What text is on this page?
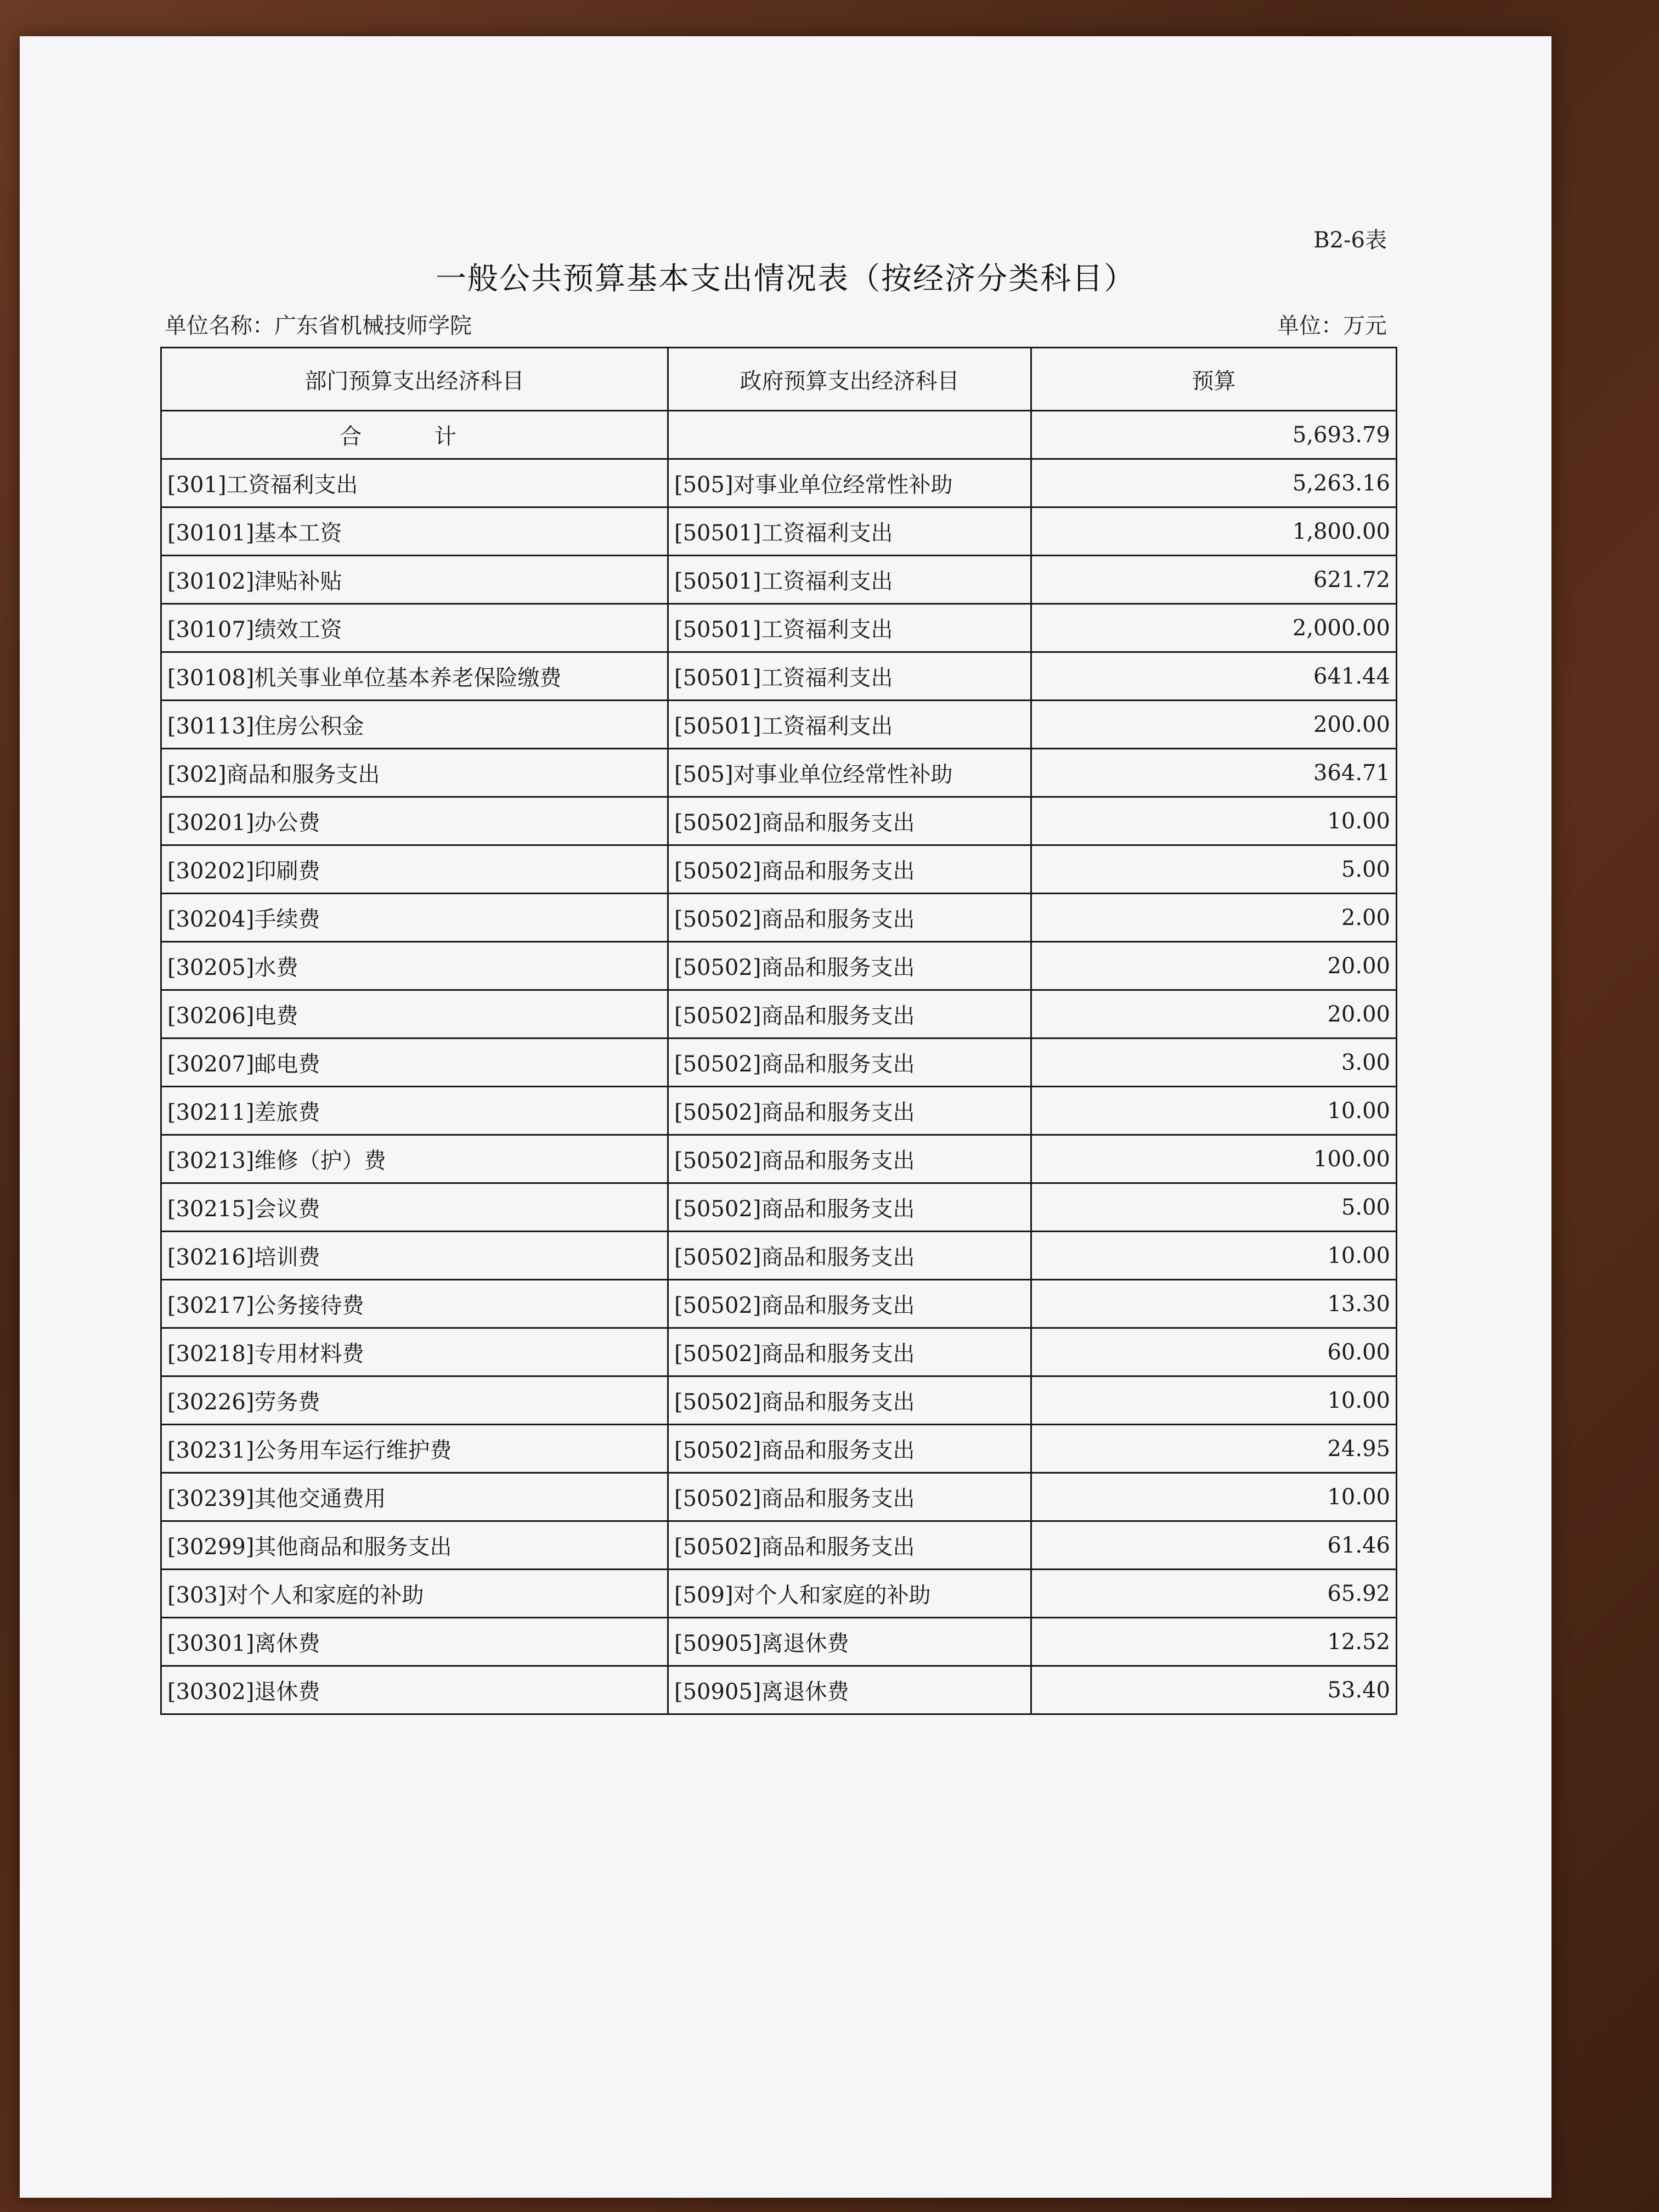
B2-6表
一般公共预算基本支出情况表（按经济分类科目）
单位名称：广东省机械技师学院	单位：万元
部门预算支出经济科目	政府预算支出经济科目	预算
合 计		5,693.79
[301]工资福利支出	[505]对事业单位经常性补助	5,263.16
[30101]基本工资	[50501]工资福利支出	1,800.00
[30102]津贴补贴	[50501]工资福利支出	621.72
[30107]绩效工资	[50501]工资福利支出	2,000.00
[30108]机关事业单位基本养老保险缴费	[50501]工资福利支出	641.44
[30113]住房公积金	[50501]工资福利支出	200.00
[302]商品和服务支出	[505]对事业单位经常性补助	364.71
[30201]办公费	[50502]商品和服务支出	10.00
[30202]印刷费	[50502]商品和服务支出	5.00
[30204]手续费	[50502]商品和服务支出	2.00
[30205]水费	[50502]商品和服务支出	20.00
[30206]电费	[50502]商品和服务支出	20.00
[30207]邮电费	[50502]商品和服务支出	3.00
[30211]差旅费	[50502]商品和服务支出	10.00
[30213]维修（护）费	[50502]商品和服务支出	100.00
[30215]会议费	[50502]商品和服务支出	5.00
[30216]培训费	[50502]商品和服务支出	10.00
[30217]公务接待费	[50502]商品和服务支出	13.30
[30218]专用材料费	[50502]商品和服务支出	60.00
[30226]劳务费	[50502]商品和服务支出	10.00
[30231]公务用车运行维护费	[50502]商品和服务支出	24.95
[30239]其他交通费用	[50502]商品和服务支出	10.00
[30299]其他商品和服务支出	[50502]商品和服务支出	61.46
[303]对个人和家庭的补助	[509]对个人和家庭的补助	65.92
[30301]离休费	[50905]离退休费	12.52
[30302]退休费	[50905]离退休费	53.40
